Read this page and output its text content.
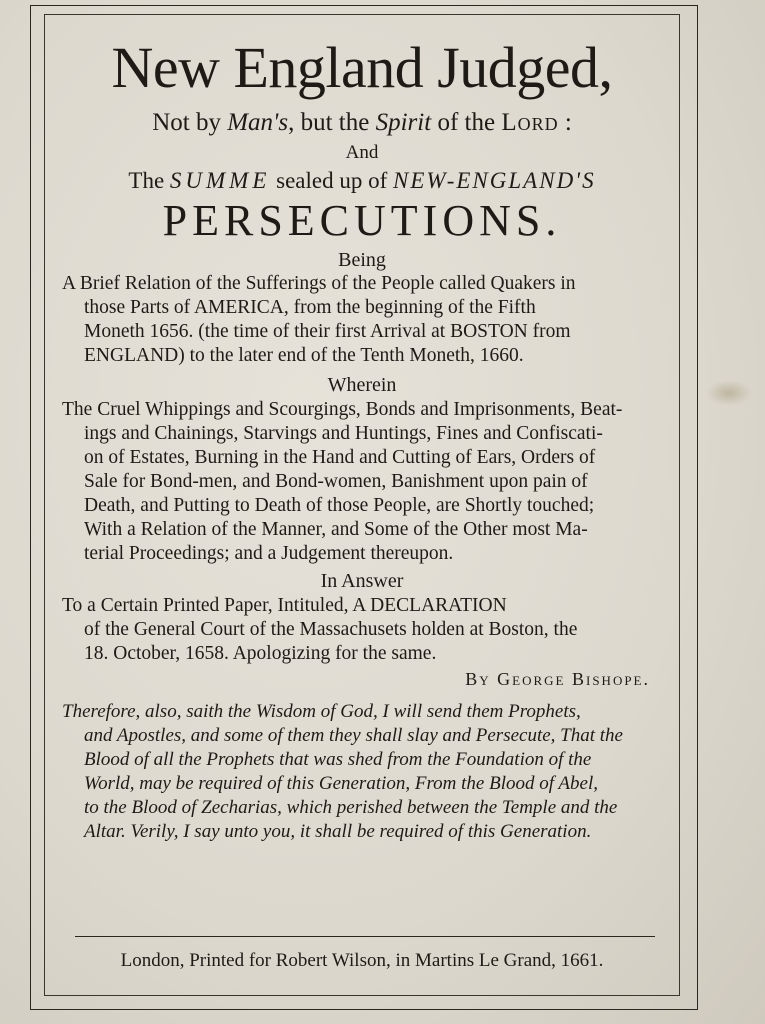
New England Judged,
Not by Man's, but the Spirit of the Lord :
And
The SUMME sealed up of NEW-ENGLAND'S
PERSECUTIONS.
Being
A Brief Relation of the Sufferings of the People called Quakers in
those Parts of AMERICA, from the beginning of the Fifth
Moneth 1656. (the time of their first Arrival at BOSTON from
ENGLAND) to the later end of the Tenth Moneth, 1660.
Wherein
The Cruel Whippings and Scourgings, Bonds and Imprisonments, Beat-
ings and Chainings, Starvings and Huntings, Fines and Confiscati-
on of Estates, Burning in the Hand and Cutting of Ears, Orders of
Sale for Bond-men, and Bond-women, Banishment upon pain of
Death, and Putting to Death of those People, are Shortly touched;
With a Relation of the Manner, and Some of the Other most Ma-
terial Proceedings; and a Judgement thereupon.
In Answer
To a Certain Printed Paper, Intituled, A DECLARATION
of the General Court of the Massachusets holden at Boston, the
18. October, 1658. Apologizing for the same.
By George Bishope.
Therefore, also, saith the Wisdom of God, I will send them Prophets,
and Apostles, and some of them they shall slay and Persecute, That the
Blood of all the Prophets that was shed from the Foundation of the
World, may be required of this Generation, From the Blood of Abel,
to the Blood of Zecharias, which perished between the Temple and the
Altar. Verily, I say unto you, it shall be required of this Generation.
London, Printed for Robert Wilson, in Martins Le Grand, 1661.
